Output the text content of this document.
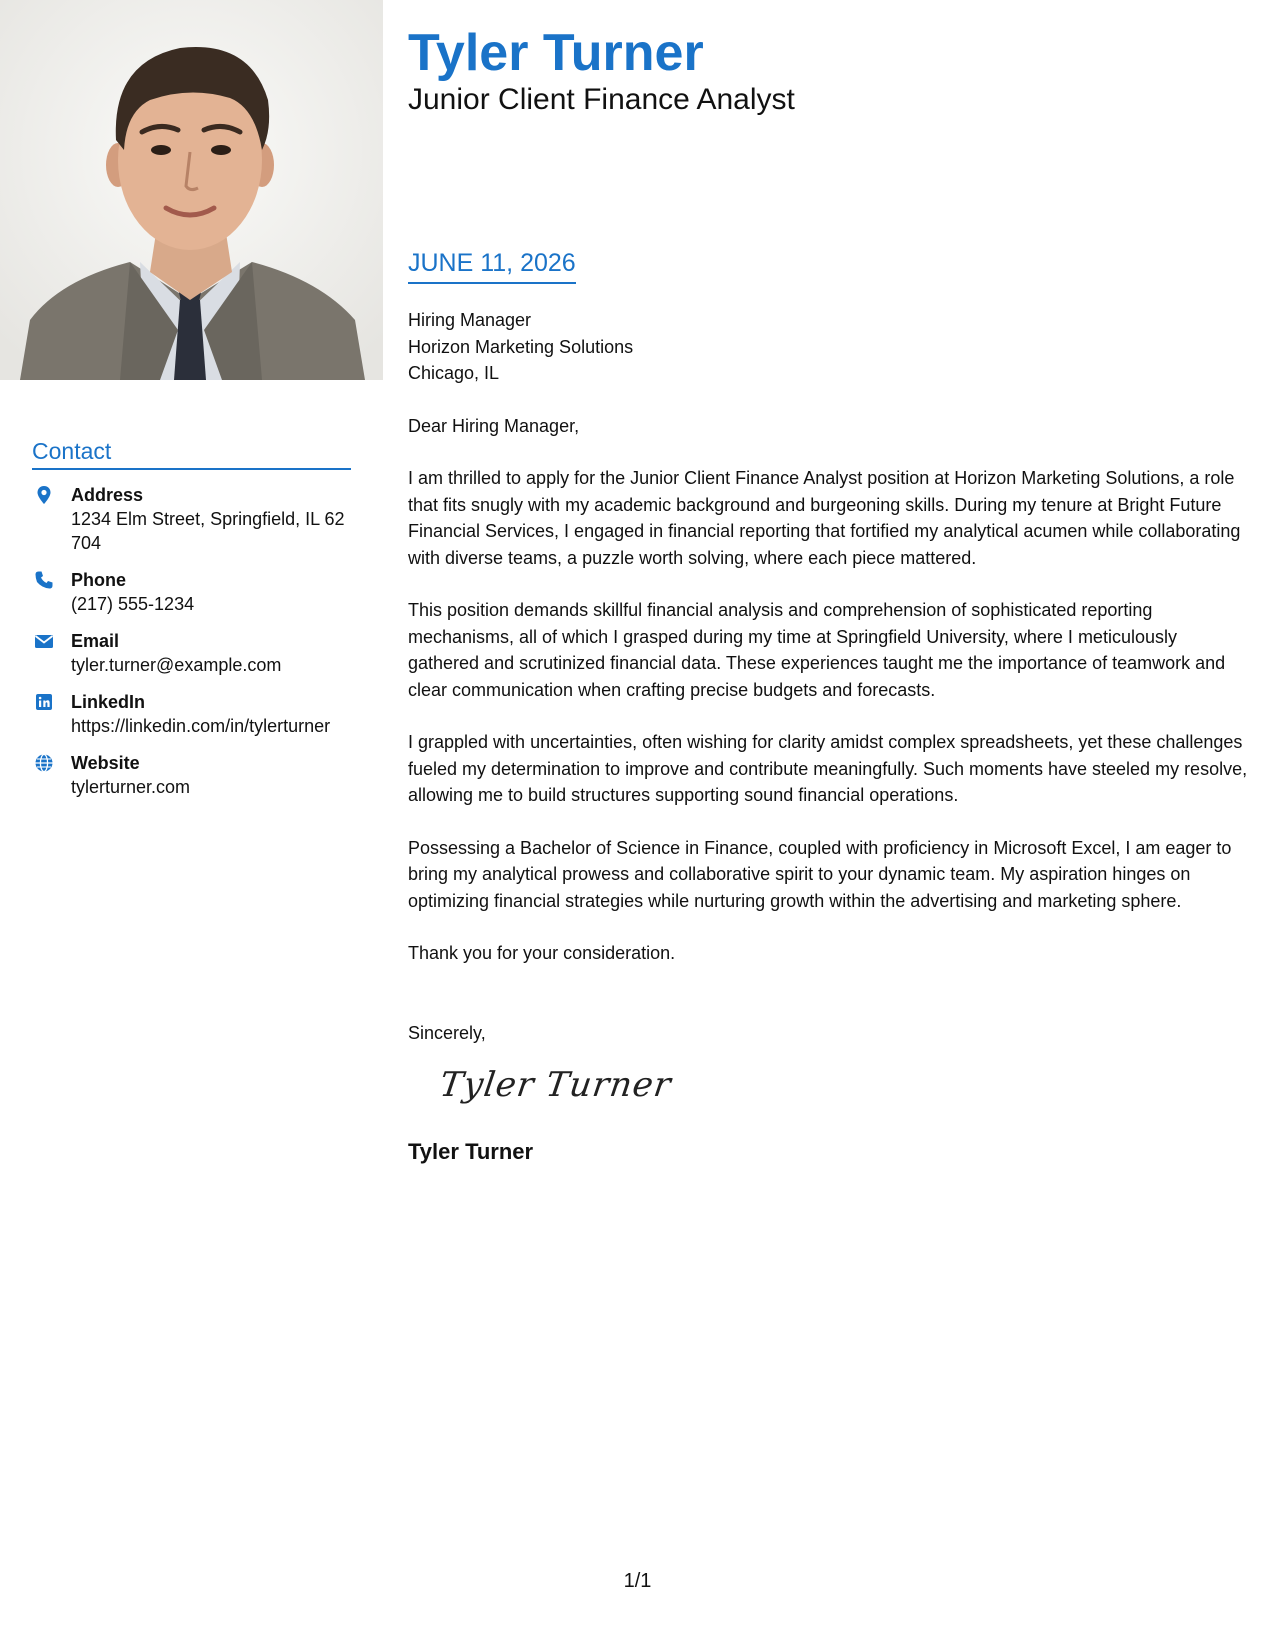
Contact
Address
1234 Elm Street, Springfield, IL 62704
Phone
(217) 555-1234
Email
tyler.turner@example.com
LinkedIn
https://linkedin.com/in/tylerturner
Website
tylerturner.com
Tyler Turner
Junior Client Finance Analyst
JUNE 11, 2026
Hiring Manager
Horizon Marketing Solutions
Chicago, IL
Dear Hiring Manager,
I am thrilled to apply for the Junior Client Finance Analyst position at Horizon Marketing Solutions, a role that fits snugly with my academic background and burgeoning skills. During my tenure at Bright Future Financial Services, I engaged in financial reporting that fortified my analytical acumen while collaborating with diverse teams, a puzzle worth solving, where each piece mattered.
This position demands skillful financial analysis and comprehension of sophisticated reporting mechanisms, all of which I grasped during my time at Springfield University, where I meticulously gathered and scrutinized financial data. These experiences taught me the importance of teamwork and clear communication when crafting precise budgets and forecasts.
I grappled with uncertainties, often wishing for clarity amidst complex spreadsheets, yet these challenges fueled my determination to improve and contribute meaningfully. Such moments have steeled my resolve, allowing me to build structures supporting sound financial operations.
Possessing a Bachelor of Science in Finance, coupled with proficiency in Microsoft Excel, I am eager to bring my analytical prowess and collaborative spirit to your dynamic team. My aspiration hinges on optimizing financial strategies while nurturing growth within the advertising and marketing sphere.
Thank you for your consideration.
Sincerely,
Tyler Turner
Tyler Turner
1/1
